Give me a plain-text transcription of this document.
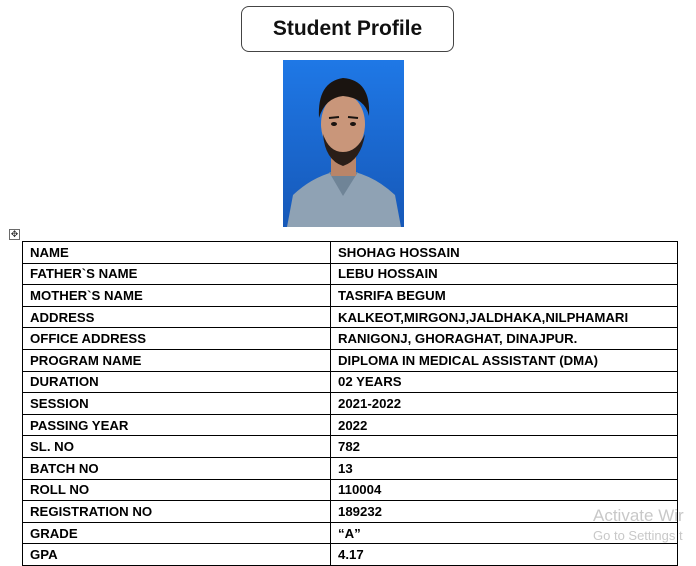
Student Profile
✥
NAME	SHOHAG HOSSAIN
FATHER`S NAME	LEBU HOSSAIN
MOTHER`S NAME	TASRIFA BEGUM
ADDRESS	KALKEOT,MIRGONJ,JALDHAKA,NILPHAMARI
OFFICE ADDRESS	RANIGONJ, GHORAGHAT, DINAJPUR.
PROGRAM NAME	DIPLOMA IN MEDICAL ASSISTANT (DMA)
DURATION	02 YEARS
SESSION	2021-2022
PASSING YEAR	2022
SL. NO	782
BATCH NO	13
ROLL NO	110004
REGISTRATION NO	189232
GRADE	“A”
GPA	4.17
Activate Wir
Go to Settings t
